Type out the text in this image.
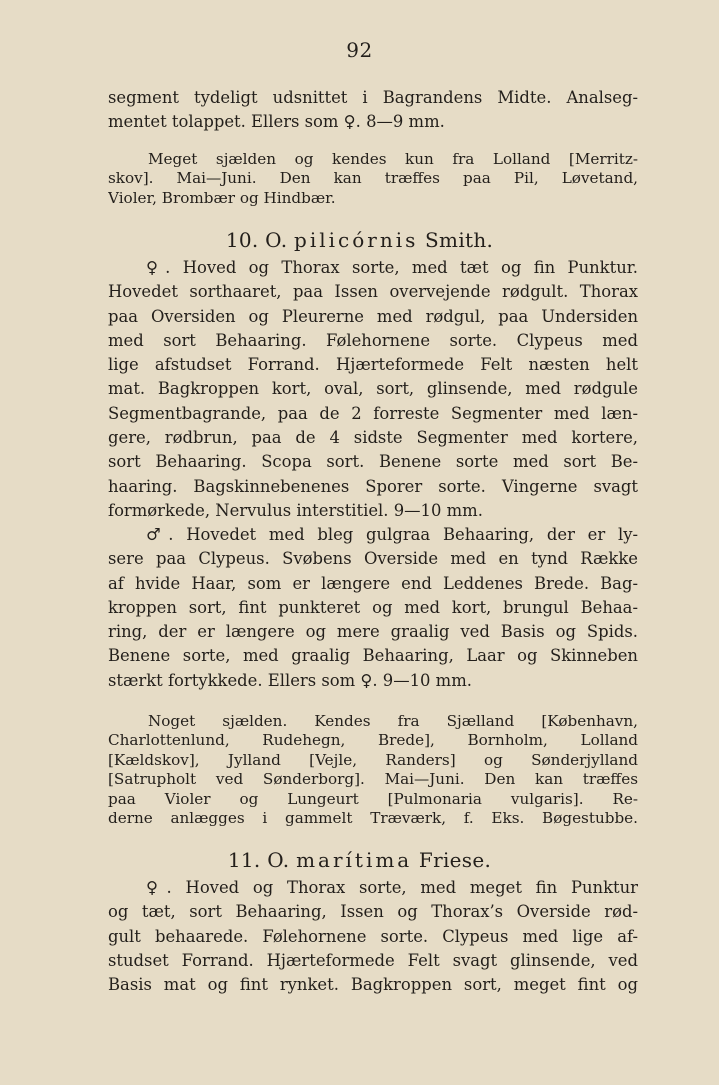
92
segment tydeligt udsnittet i Bagrandens Midte. Analseg-
mentet tolappet. Ellers som ♀. 8—9 mm.
Meget sjælden og kendes kun fra Lolland [Merritz-
skov]. Mai—Juni. Den kan træffes paa Pil, Løvetand,
Violer, Brombær og Hindbær.
10. O. pilicórnis Smith.
♀. Hoved og Thorax sorte, med tæt og fin Punktur.
Hovedet sorthaaret, paa Issen overvejende rødgult. Thorax
paa Oversiden og Pleurerne med rødgul, paa Undersiden
med sort Behaaring. Følehornene sorte. Clypeus med
lige afstudset Forrand. Hjærteformede Felt næsten helt
mat. Bagkroppen kort, oval, sort, glinsende, med rødgule
Segmentbagrande, paa de 2 forreste Segmenter med læn-
gere, rødbrun, paa de 4 sidste Segmenter med kortere,
sort Behaaring. Scopa sort. Benene sorte med sort Be-
haaring. Bagskinnebenenes Sporer sorte. Vingerne svagt
formørkede, Nervulus interstitiel. 9—10 mm.
♂. Hovedet med bleg gulgraa Behaaring, der er ly-
sere paa Clypeus. Svøbens Overside med en tynd Række
af hvide Haar, som er længere end Leddenes Brede. Bag-
kroppen sort, fint punkteret og med kort, brungul Behaa-
ring, der er længere og mere graalig ved Basis og Spids.
Benene sorte, med graalig Behaaring, Laar og Skinneben
stærkt fortykkede. Ellers som ♀. 9—10 mm.
Noget sjælden. Kendes fra Sjælland [København,
Charlottenlund, Rudehegn, Brede], Bornholm, Lolland
[Kældskov], Jylland [Vejle, Randers] og Sønderjylland
[Satrupholt ved Sønderborg]. Mai—Juni. Den kan træffes
paa Violer og Lungeurt [Pulmonaria vulgaris]. Re-
derne anlægges i gammelt Træværk, f. Eks. Bøgestubbe.
11. O. marítima Friese.
♀. Hoved og Thorax sorte, med meget fin Punktur
og tæt, sort Behaaring, Issen og Thorax’s Overside rød-
gult behaarede. Følehornene sorte. Clypeus med lige af-
studset Forrand. Hjærteformede Felt svagt glinsende, ved
Basis mat og fint rynket. Bagkroppen sort, meget fint og
